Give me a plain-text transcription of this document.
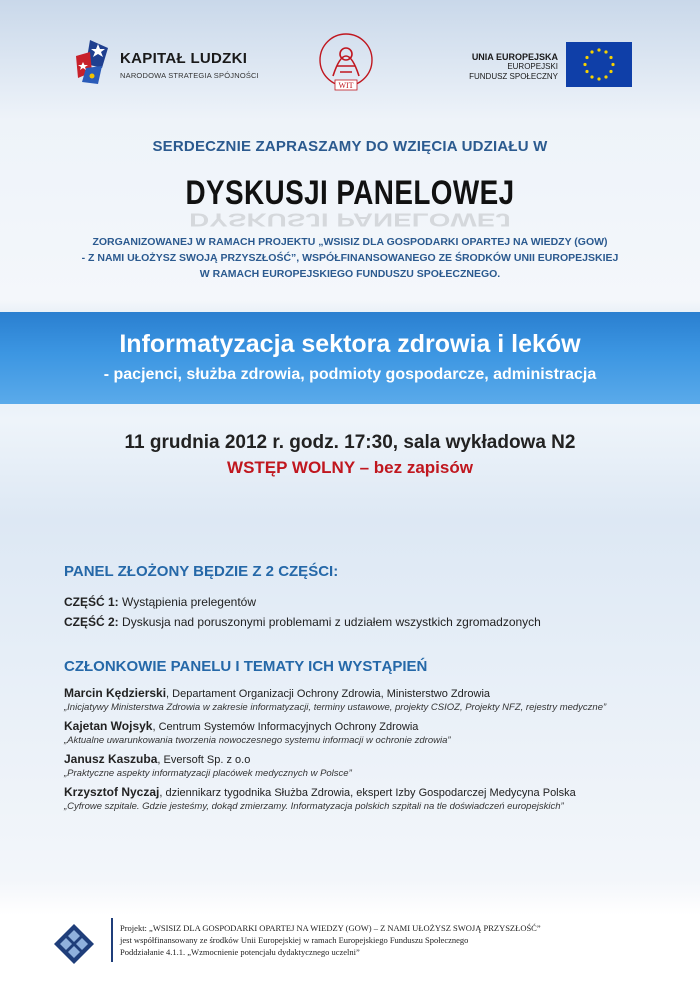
KAPITAŁ LUDZKI
NARODOWA STRATEGIA SPÓJNOŚCI
WIT
UNIA EUROPEJSKA
EUROPEJSKI
FUNDUSZ SPOŁECZNY
SERDECZNIE ZAPRASZAMY DO WZIĘCIA UDZIAŁU W
DYSKUSJI PANELOWEJ
DYSKUSJI PANELOWEJ
ZORGANIZOWANEJ W RAMACH PROJEKTU „WSISIZ DLA GOSPODARKI OPARTEJ NA WIEDZY (GOW)
- Z NAMI UŁOŻYSZ SWOJĄ PRZYSZŁOŚĆ”, WSPÓŁFINANSOWANEGO ZE ŚRODKÓW UNII EUROPEJSKIEJ
W RAMACH EUROPEJSKIEGO FUNDUSZU SPOŁECZNEGO.
Informatyzacja sektora zdrowia i leków
- pacjenci, służba zdrowia, podmioty gospodarcze, administracja
11 grudnia 2012 r. godz. 17:30, sala wykładowa N2
WSTĘP WOLNY – bez zapisów
PANEL ZŁOŻONY BĘDZIE Z 2 CZĘŚCI:
CZĘŚĆ 1: Wystąpienia prelegentów
CZĘŚĆ 2: Dyskusja nad poruszonymi problemami z udziałem wszystkich zgromadzonych
CZŁONKOWIE PANELU I TEMATY ICH WYSTĄPIEŃ
Marcin Kędzierski, Departament Organizacji Ochrony Zdrowia, Ministerstwo Zdrowia
„Inicjatywy Ministerstwa Zdrowia w zakresie informatyzacji, terminy ustawowe, projekty CSIOZ, Projekty NFZ, rejestry medyczne”
Kajetan Wojsyk, Centrum Systemów Informacyjnych Ochrony Zdrowia
„Aktualne uwarunkowania tworzenia nowoczesnego systemu informacji w ochronie zdrowia”
Janusz Kaszuba, Eversoft Sp. z o.o
„Praktyczne aspekty informatyzacji placówek medycznych w Polsce”
Krzysztof Nyczaj, dziennikarz tygodnika Służba Zdrowia, ekspert Izby Gospodarczej Medycyna Polska
„Cyfrowe szpitale. Gdzie jesteśmy, dokąd zmierzamy. Informatyzacja polskich szpitali na tle doświadczeń europejskich”
Projekt: „WSISIZ DLA GOSPODARKI OPARTEJ NA WIEDZY (GOW) – Z NAMI UŁOŻYSZ SWOJĄ PRZYSZŁOŚĆ”
jest współfinansowany ze środków Unii Europejskiej w ramach Europejskiego Funduszu Społecznego
Poddziałanie 4.1.1. „Wzmocnienie potencjału dydaktycznego uczelni”
